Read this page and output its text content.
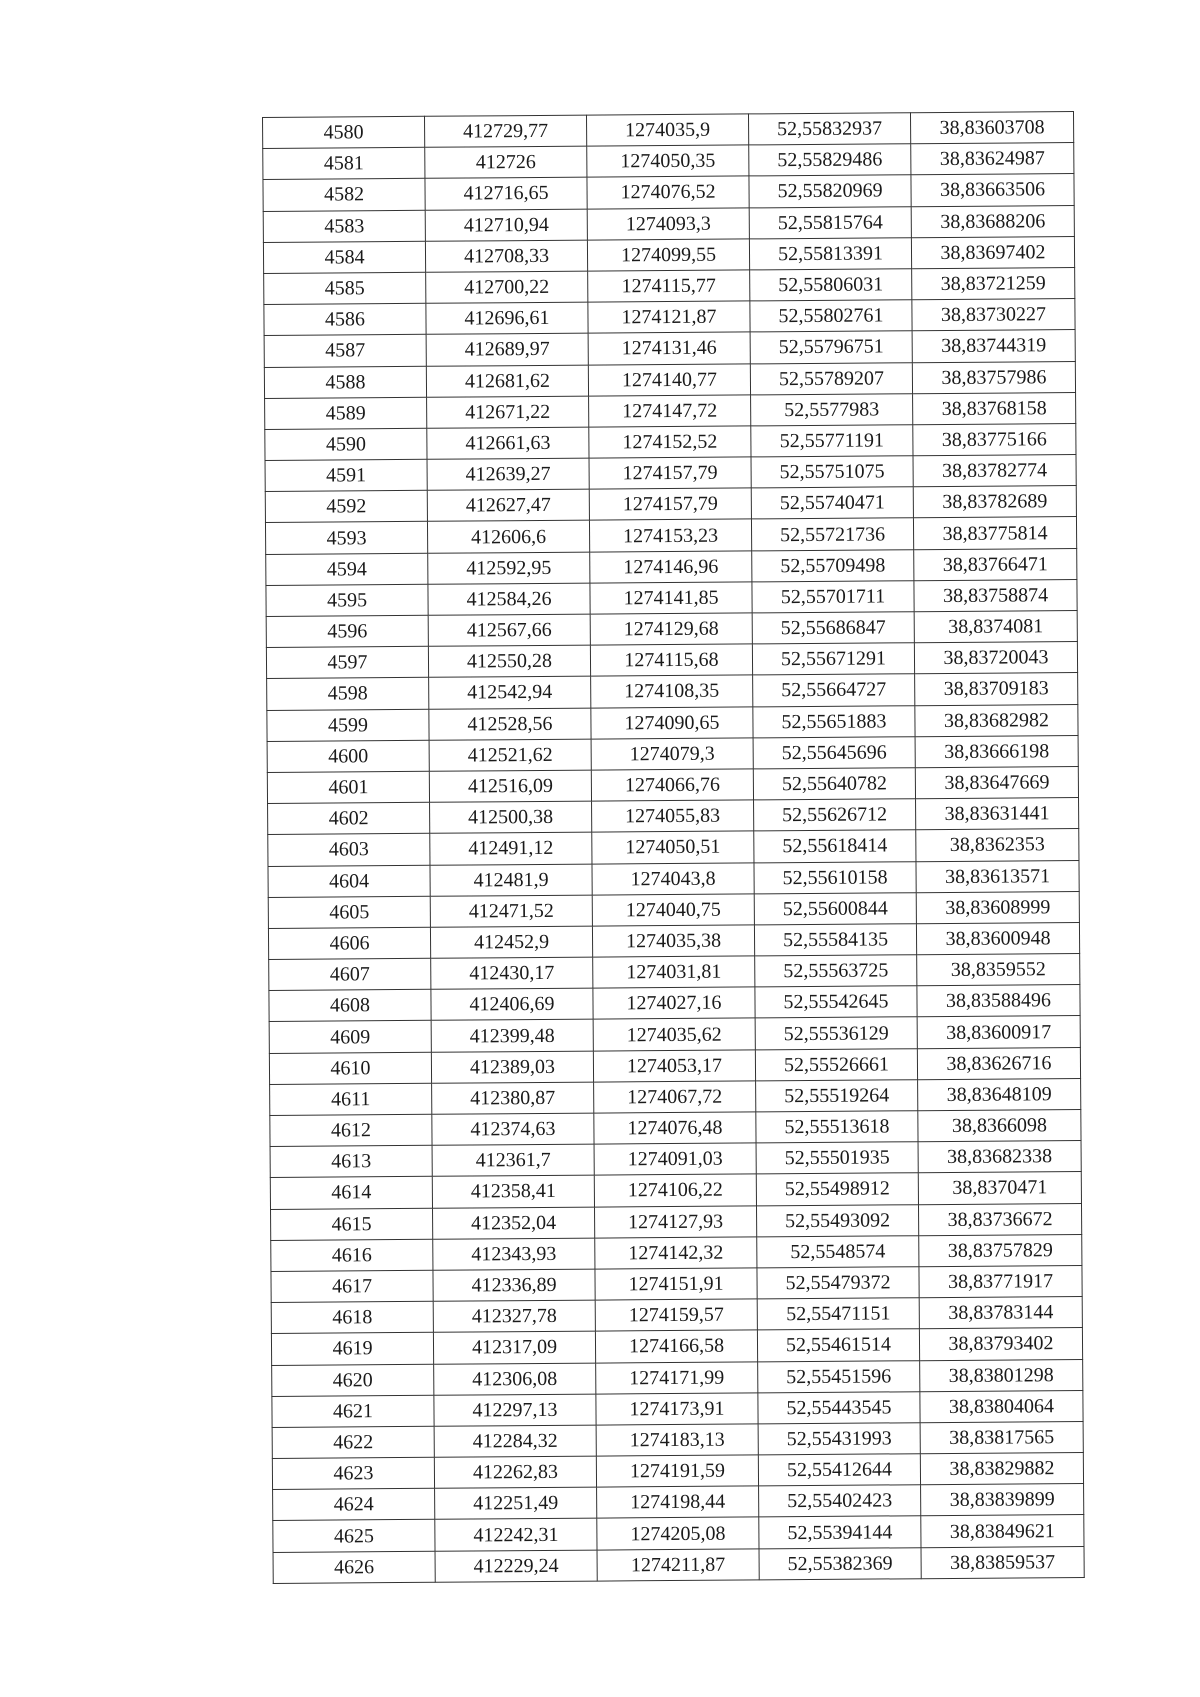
4580	412729,77	1274035,9	52,55832937	38,83603708
4581	412726	1274050,35	52,55829486	38,83624987
4582	412716,65	1274076,52	52,55820969	38,83663506
4583	412710,94	1274093,3	52,55815764	38,83688206
4584	412708,33	1274099,55	52,55813391	38,83697402
4585	412700,22	1274115,77	52,55806031	38,83721259
4586	412696,61	1274121,87	52,55802761	38,83730227
4587	412689,97	1274131,46	52,55796751	38,83744319
4588	412681,62	1274140,77	52,55789207	38,83757986
4589	412671,22	1274147,72	52,5577983	38,83768158
4590	412661,63	1274152,52	52,55771191	38,83775166
4591	412639,27	1274157,79	52,55751075	38,83782774
4592	412627,47	1274157,79	52,55740471	38,83782689
4593	412606,6	1274153,23	52,55721736	38,83775814
4594	412592,95	1274146,96	52,55709498	38,83766471
4595	412584,26	1274141,85	52,55701711	38,83758874
4596	412567,66	1274129,68	52,55686847	38,8374081
4597	412550,28	1274115,68	52,55671291	38,83720043
4598	412542,94	1274108,35	52,55664727	38,83709183
4599	412528,56	1274090,65	52,55651883	38,83682982
4600	412521,62	1274079,3	52,55645696	38,83666198
4601	412516,09	1274066,76	52,55640782	38,83647669
4602	412500,38	1274055,83	52,55626712	38,83631441
4603	412491,12	1274050,51	52,55618414	38,8362353
4604	412481,9	1274043,8	52,55610158	38,83613571
4605	412471,52	1274040,75	52,55600844	38,83608999
4606	412452,9	1274035,38	52,55584135	38,83600948
4607	412430,17	1274031,81	52,55563725	38,8359552
4608	412406,69	1274027,16	52,55542645	38,83588496
4609	412399,48	1274035,62	52,55536129	38,83600917
4610	412389,03	1274053,17	52,55526661	38,83626716
4611	412380,87	1274067,72	52,55519264	38,83648109
4612	412374,63	1274076,48	52,55513618	38,8366098
4613	412361,7	1274091,03	52,55501935	38,83682338
4614	412358,41	1274106,22	52,55498912	38,8370471
4615	412352,04	1274127,93	52,55493092	38,83736672
4616	412343,93	1274142,32	52,5548574	38,83757829
4617	412336,89	1274151,91	52,55479372	38,83771917
4618	412327,78	1274159,57	52,55471151	38,83783144
4619	412317,09	1274166,58	52,55461514	38,83793402
4620	412306,08	1274171,99	52,55451596	38,83801298
4621	412297,13	1274173,91	52,55443545	38,83804064
4622	412284,32	1274183,13	52,55431993	38,83817565
4623	412262,83	1274191,59	52,55412644	38,83829882
4624	412251,49	1274198,44	52,55402423	38,83839899
4625	412242,31	1274205,08	52,55394144	38,83849621
4626	412229,24	1274211,87	52,55382369	38,83859537
